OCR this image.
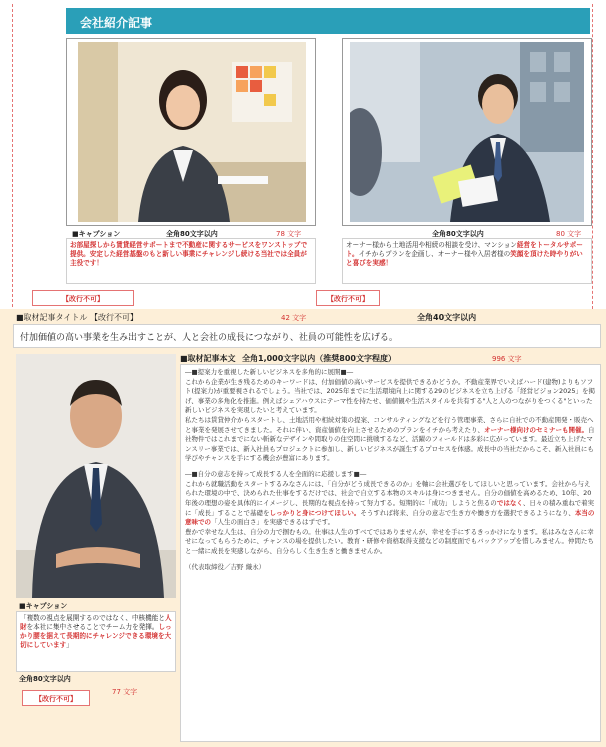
会社紹介記事
■キャプション	全角80文字以内	78 文字
お部屋探しから賃貸経営サポートまで不動産に関するサービスをワンストップで提供。安定した経営基盤のもと新しい事業にチャレンジし続ける当社では全員が主役です！
【改行不可】
全角80文字以内	80 文字
オーナー様から土地活用や相続の相談を受け、マンション経営をトータルサポート。イチからプランを企画し、オーナー様や入居者様の笑顔を頂けた時やりがいと喜びを実感！
【改行不可】
■取材記事タイトル 【改行不可】	42 文字	全角40文字以内
付加価値の高い事業を生み出すことが、人と会社の成長につながり、社員の可能性を広げる。
■キャプション
「複数の視点を展開するのではなく、中核機能と人財を本社に集中させることでチーム力を発揮。しっかり腰を据えて長期的にチャレンジできる環境を大切にしています」
全角80文字以内
77 文字
【改行不可】
■取材記事本文 全角1,000文字以内（推奨800文字程度）	996 文字

―■提案力を重視した新しいビジネスを多角的に展開■―

これから企業が生き残るためのキーワードは、付加価値の高いサービスを提供できるかどうか。不動産業界でいえばハード(建物)よりもソフト(提案力)が重要視されるでしょう。当社では、2025年までに生活環境向上に関する29のビジネスを立ち上げる「経営ビジョン2025」を掲げ、事業の多角化を推進。例えばシェアハウスにテーマ性を持たせ、価値観や生活スタイルを共有する"人と人のつながりをつくる"といった新しいビジネスを実現したいと考えています。

私たちは賃貸仲介からスタートし、土地活用や相続対策の提案、コンサルティングなどを行う管理事業、さらに自社での不動産開発・販売へと事業を発展させてきました。それに伴い、資産価値を向上させるためのプランをイチから考えたり、オーナー様向けのセミナーも開催。自社物件ではこれまでにない斬新なデザインや間取りの住空間に挑戦するなど、活躍のフィールドは多彩に広がっています。最近立ち上げたマンスリー事業では、新入社員もプロジェクトに参加し、新しいビジネスが誕生するプロセスを体感。成長中の当社だからこそ、新入社員にも学びやチャンスを手にする機会が豊富にあります。

―■自分の意志を持って成長する人を全面的に応援します■―

これから就職活動をスタートするみなさんには、「自分がどう成長できるのか」を軸に会社選びをしてほしいと思っています。会社から与えられた環境の中で、決められた仕事をするだけでは、社会で自立する本物のスキルは身につきません。自分の価値を高めるため、10年、20年後の理想の姿を具体的にイメージし、長期的な視点を持って努力する。短期的に「成功」しようと焦るのではなく、日々の積み重ねで着実に「成長」することで基礎をしっかりと身につけてほしい。そうすれば将来、自分の意志で生き方や働き方を選択できるようになり、本当の意味での「人生の面白さ」を実感できるはずです。

豊かで幸せな人生は、自分の力で掴むもの。仕事は人生のすべてではありませんが、幸せを手にするきっかけになります。私はみなさんに幸せになってもらうために、チャンスの場を提供したい。教育・研修や資格取得支援などの制度面でもバックアップを惜しみません。仲間たちと一緒に成長を実感しながら、自分らしく生き生きと働きませんか。

（代表取締役／吉野 織永）
